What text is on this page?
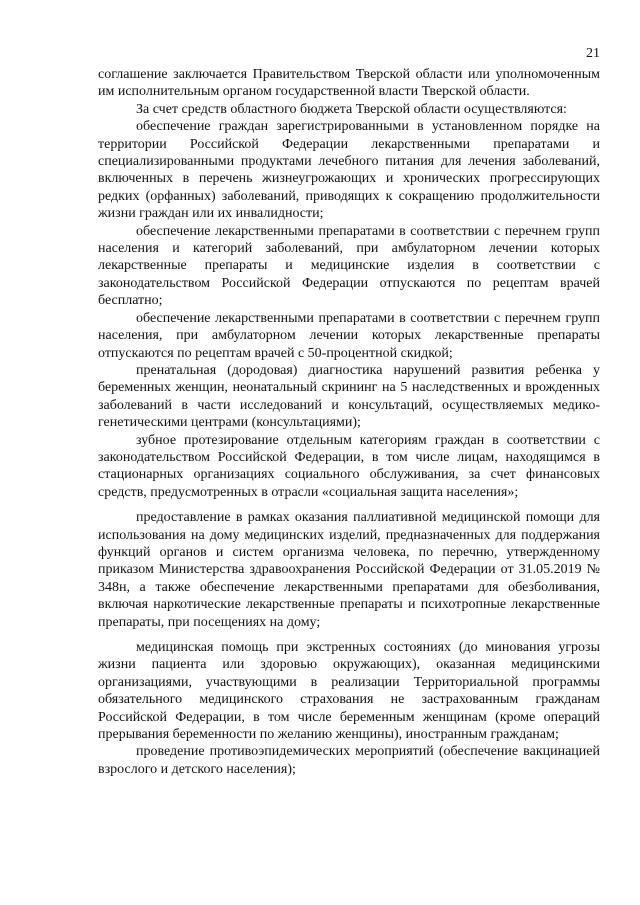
21

соглашение заключается Правительством Тверской области или уполномоченным им исполнительным органом государственной власти Тверской области.

За счет средств областного бюджета Тверской области осуществляются:

обеспечение граждан зарегистрированными в установленном порядке на территории Российской Федерации лекарственными препаратами и специализированными продуктами лечебного питания для лечения заболеваний, включенных в перечень жизнеугрожающих и хронических прогрессирующих редких (орфанных) заболеваний, приводящих к сокращению продолжительности жизни граждан или их инвалидности;

обеспечение лекарственными препаратами в соответствии с перечнем групп населения и категорий заболеваний, при амбулаторном лечении которых лекарственные препараты и медицинские изделия в соответствии с законодательством Российской Федерации отпускаются по рецептам врачей бесплатно;

обеспечение лекарственными препаратами в соответствии с перечнем групп населения, при амбулаторном лечении которых лекарственные препараты отпускаются по рецептам врачей с 50-процентной скидкой;

пренатальная (дородовая) диагностика нарушений развития ребенка у беременных женщин, неонатальный скрининг на 5 наследственных и врожденных заболеваний в части исследований и консультаций, осуществляемых медико-генетическими центрами (консультациями);

зубное протезирование отдельным категориям граждан в соответствии с законодательством Российской Федерации, в том числе лицам, находящимся в стационарных организациях социального обслуживания, за счет финансовых средств, предусмотренных в отрасли «социальная защита населения»;

предоставление в рамках оказания паллиативной медицинской помощи для использования на дому медицинских изделий, предназначенных для поддержания функций органов и систем организма человека, по перечню, утвержденному приказом Министерства здравоохранения Российской Федерации от 31.05.2019 № 348н, а также обеспечение лекарственными препаратами для обезболивания, включая наркотические лекарственные препараты и психотропные лекарственные препараты, при посещениях на дому;

медицинская помощь при экстренных состояниях (до минования угрозы жизни пациента или здоровью окружающих), оказанная медицинскими организациями, участвующими в реализации Территориальной программы обязательного медицинского страхования не застрахованным гражданам Российской Федерации, в том числе беременным женщинам (кроме операций прерывания беременности по желанию женщины), иностранным гражданам;

проведение противоэпидемических мероприятий (обеспечение вакцинацией взрослого и детского населения);
